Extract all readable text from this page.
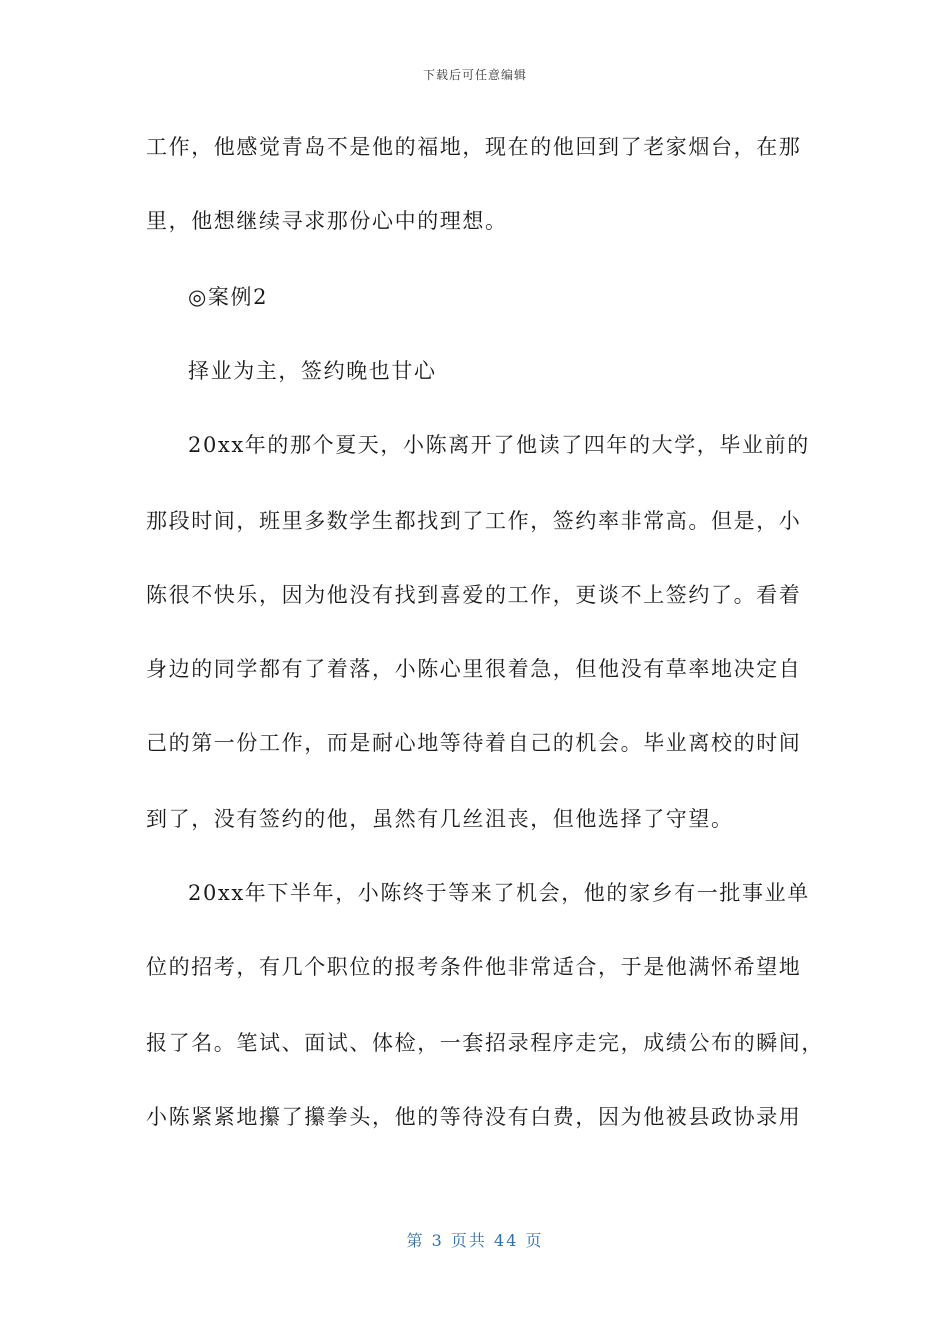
下载后可任意编辑
工作，他感觉青岛不是他的福地，现在的他回到了老家烟台，在那
里，他想继续寻求那份心中的理想。
◎案例2
择业为主，签约晚也甘心
20xx年的那个夏天，小陈离开了他读了四年的大学，毕业前的
那段时间，班里多数学生都找到了工作，签约率非常高。但是，小
陈很不快乐，因为他没有找到喜爱的工作，更谈不上签约了。看着
身边的同学都有了着落，小陈心里很着急，但他没有草率地决定自
己的第一份工作，而是耐心地等待着自己的机会。毕业离校的时间
到了，没有签约的他，虽然有几丝沮丧，但他选择了守望。
20xx年下半年，小陈终于等来了机会，他的家乡有一批事业单
位的招考，有几个职位的报考条件他非常适合，于是他满怀希望地
报了名。笔试、面试、体检，一套招录程序走完，成绩公布的瞬间，
小陈紧紧地攥了攥拳头，他的等待没有白费，因为他被县政协录用
第 3 页共 44 页
